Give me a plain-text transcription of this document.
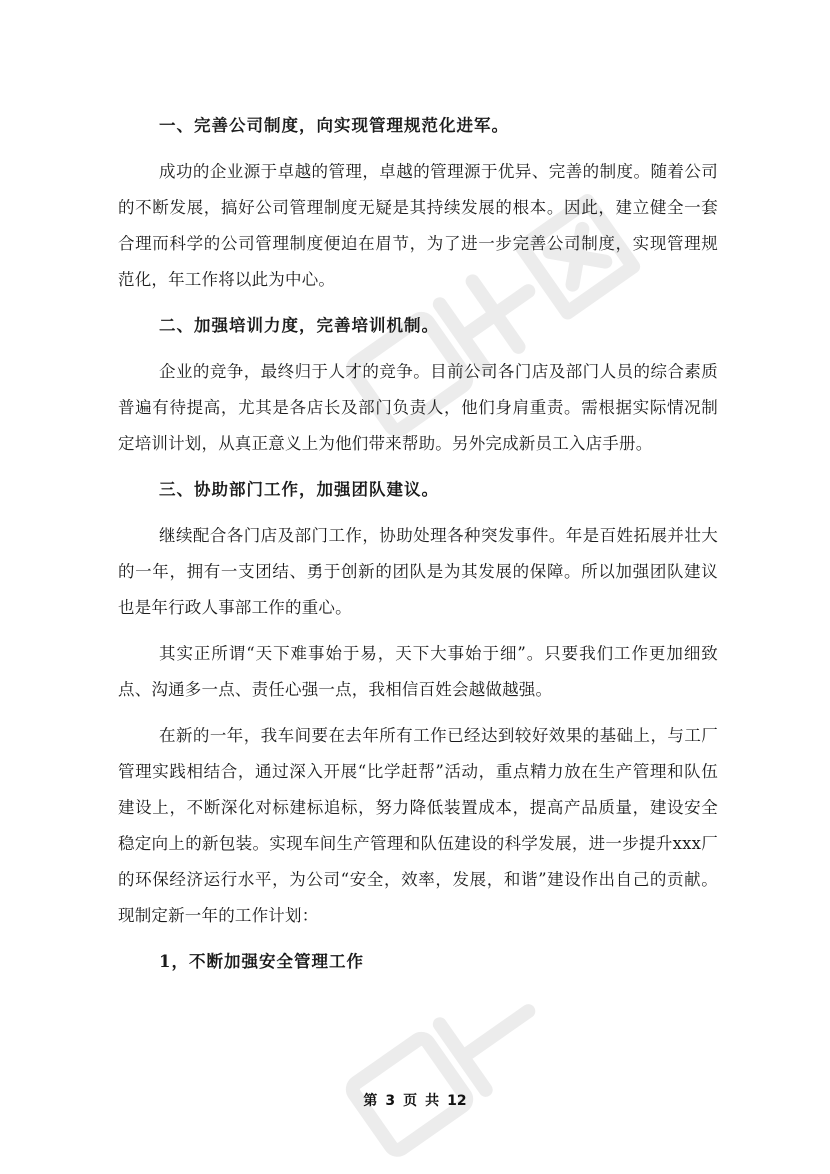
一、完善公司制度，向实现管理规范化进军。
成功的企业源于卓越的管理，卓越的管理源于优异、完善的制度。随着公司的不断发展，搞好公司管理制度无疑是其持续发展的根本。因此，建立健全一套合理而科学的公司管理制度便迫在眉节，为了进一步完善公司制度，实现管理规范化，年工作将以此为中心。
二、加强培训力度，完善培训机制。
企业的竞争，最终归于人才的竞争。目前公司各门店及部门人员的综合素质普遍有待提高，尤其是各店长及部门负责人，他们身肩重责。需根据实际情况制定培训计划，从真正意义上为他们带来帮助。另外完成新员工入店手册。
三、协助部门工作，加强团队建议。
继续配合各门店及部门工作，协助处理各种突发事件。年是百姓拓展并壮大的一年，拥有一支团结、勇于创新的团队是为其发展的保障。所以加强团队建议也是年行政人事部工作的重心。
其实正所谓“天下难事始于易，天下大事始于细”。只要我们工作更加细致点、沟通多一点、责任心强一点，我相信百姓会越做越强。
在新的一年，我车间要在去年所有工作已经达到较好效果的基础上，与工厂管理实践相结合，通过深入开展“比学赶帮”活动，重点精力放在生产管理和队伍建设上，不断深化对标建标追标，努力降低装置成本，提高产品质量，建设安全稳定向上的新包装。实现车间生产管理和队伍建设的科学发展，进一步提升xxx厂的环保经济运行水平，为公司“安全，效率，发展，和谐”建设作出自己的贡献。现制定新一年的工作计划：
1，不断加强安全管理工作
第 3 页 共 12
